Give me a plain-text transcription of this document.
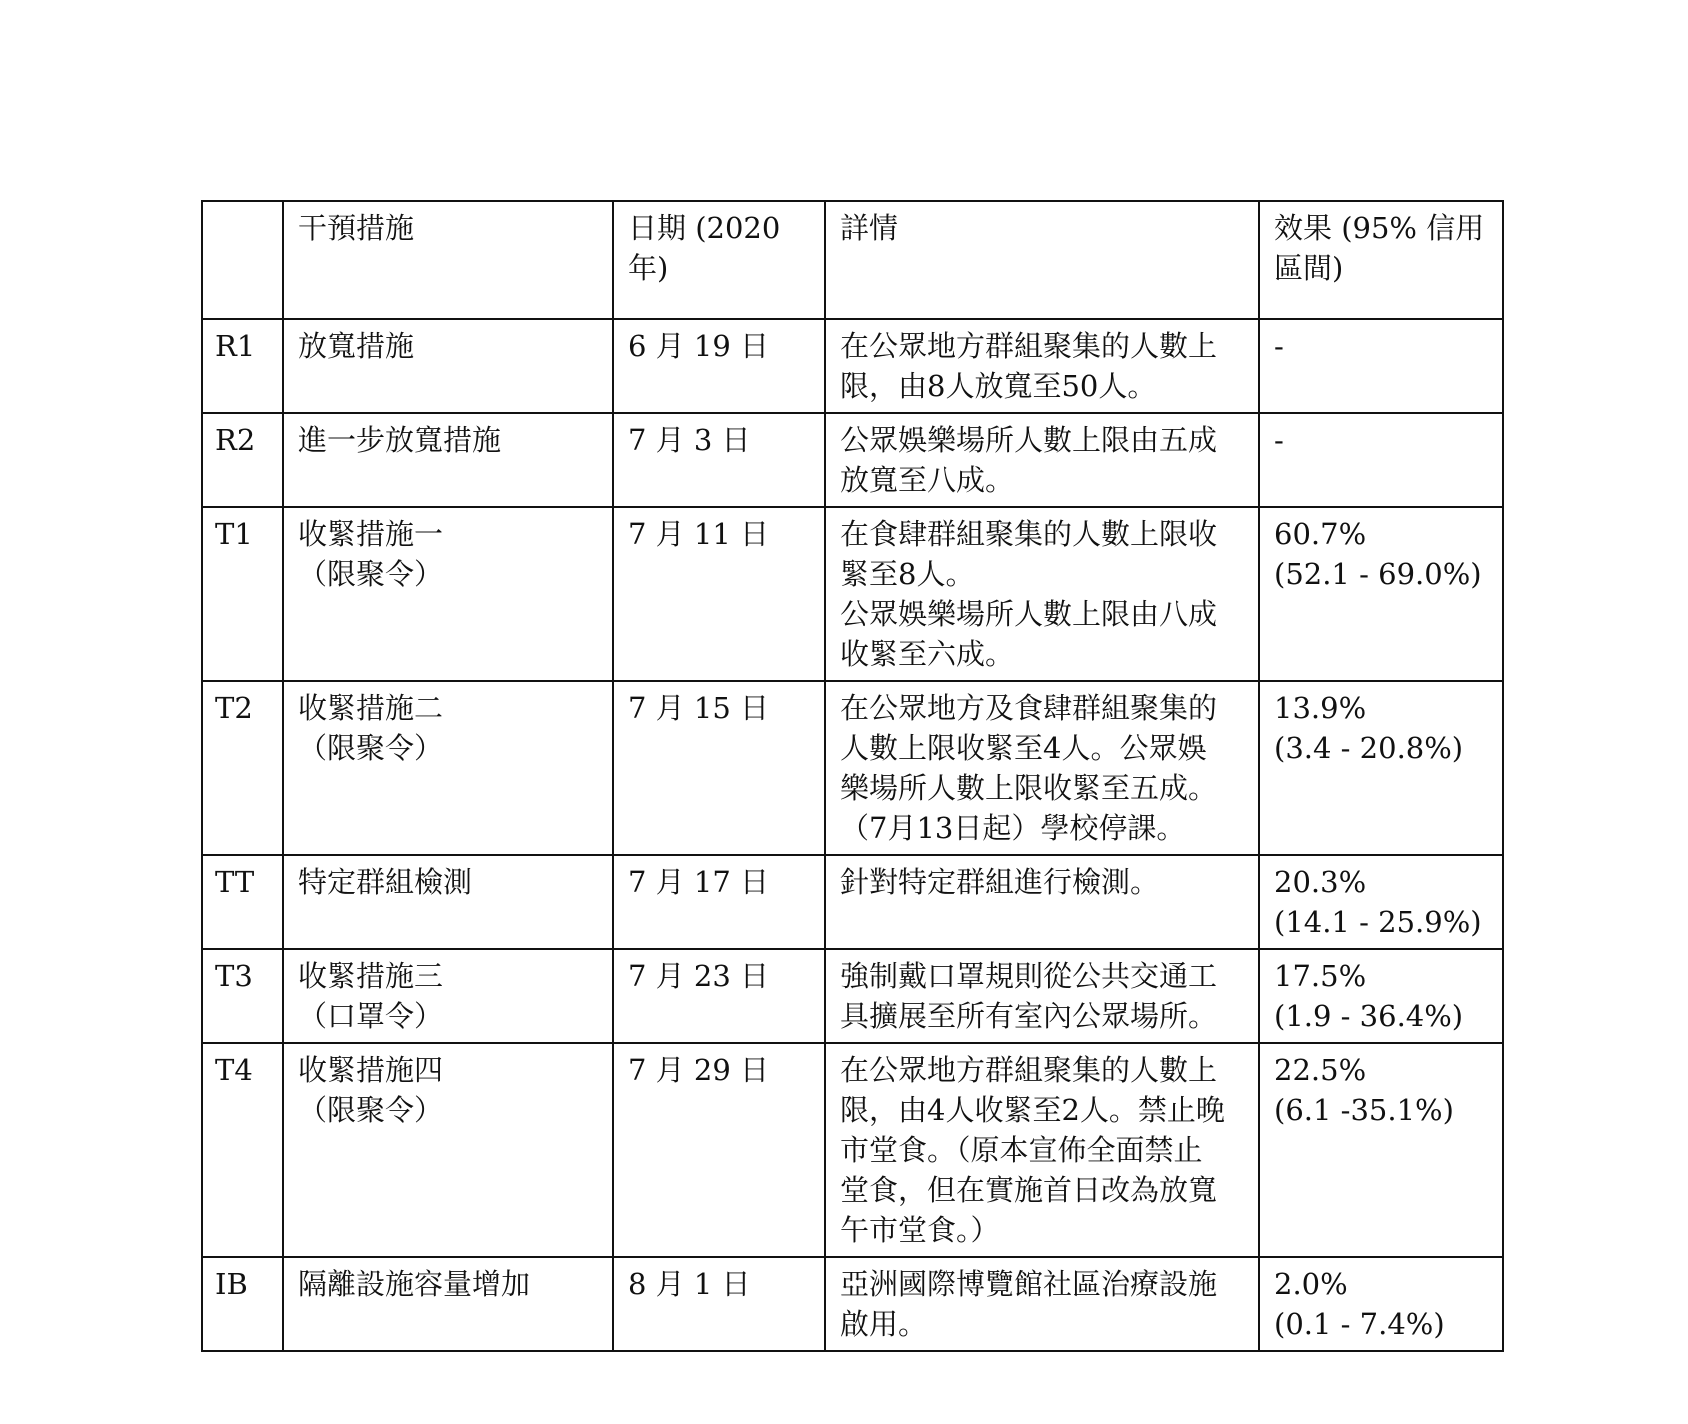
	干預措施	日期 (2020
年)	詳情	效果 (95% 信用
區間)
R1	放寬措施	6 月 19 日	在公眾地方群組聚集的人數上
限，由8人放寬至50人。	-
R2	進一步放寬措施	7 月 3 日	公眾娛樂場所人數上限由五成
放寬至八成。	-
T1	收緊措施一
（限聚令）	7 月 11 日	在食肆群組聚集的人數上限收
緊至8人。
公眾娛樂場所人數上限由八成
收緊至六成。	60.7%
(52.1 - 69.0%)
T2	收緊措施二
（限聚令）	7 月 15 日	在公眾地方及食肆群組聚集的
人數上限收緊至4人。公眾娛
樂場所人數上限收緊至五成。
（7月13日起）學校停課。	13.9%
(3.4 - 20.8%)
TT	特定群組檢測	7 月 17 日	針對特定群組進行檢測。	20.3%
(14.1 - 25.9%)
T3	收緊措施三
（口罩令）	7 月 23 日	強制戴口罩規則從公共交通工
具擴展至所有室內公眾場所。	17.5%
(1.9 - 36.4%)
T4	收緊措施四
（限聚令）	7 月 29 日	在公眾地方群組聚集的人數上
限，由4人收緊至2人。禁止晚
市堂食。（原本宣佈全面禁止
堂食，但在實施首日改為放寬
午市堂食。）	22.5%
(6.1 -35.1%)
IB	隔離設施容量增加	8 月 1 日	亞洲國際博覽館社區治療設施
啟用。	2.0%
(0.1 - 7.4%)
